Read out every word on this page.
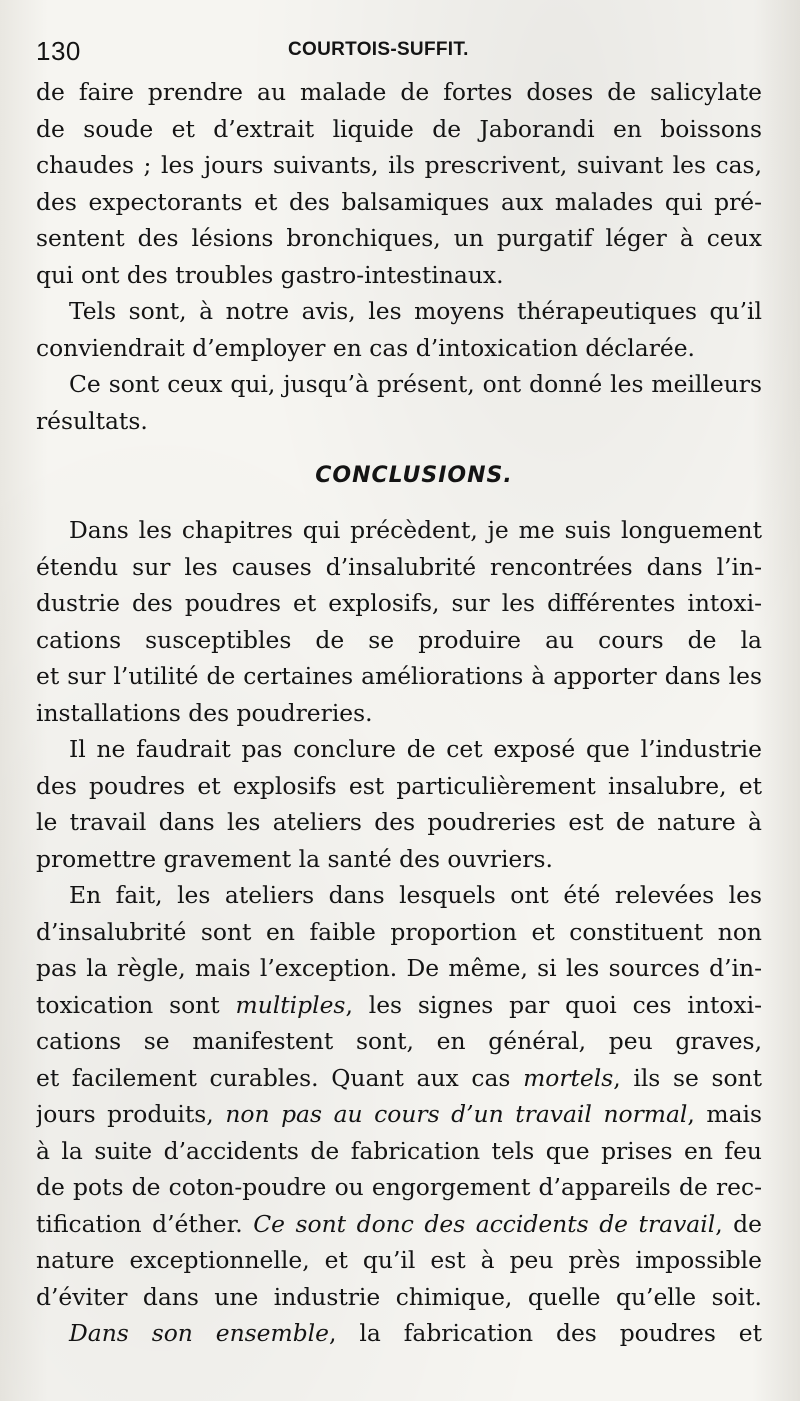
130	COURTOIS-SUFFIT.
de faire prendre au malade de fortes doses de salicylate
de soude et d’extrait liquide de Jaborandi en boissons
chaudes ; les jours suivants, ils prescrivent, suivant les cas,
des expectorants et des balsamiques aux malades qui pré-
sentent des lésions bronchiques, un purgatif léger à ceux
qui ont des troubles gastro-intestinaux.
Tels sont, à notre avis, les moyens thérapeutiques qu’il
conviendrait d’employer en cas d’intoxication déclarée.
Ce sont ceux qui, jusqu’à présent, ont donné les meilleurs
résultats.
CONCLUSIONS.
Dans les chapitres qui précèdent, je me suis longuement
étendu sur les causes d’insalubrité rencontrées dans l’in-
dustrie des poudres et explosifs, sur les différentes intoxi-
cations susceptibles de se produire au cours de la
et sur l’utilité de certaines améliorations à apporter dans les
installations des poudreries.
Il ne faudrait pas conclure de cet exposé que l’industrie
des poudres et explosifs est particulièrement insalubre, et
le travail dans les ateliers des poudreries est de nature à
promettre gravement la santé des ouvriers.
En fait, les ateliers dans lesquels ont été relevées les
d’insalubrité sont en faible proportion et constituent non
pas la règle, mais l’exception. De même, si les sources d’in-
toxication sont multiples, les signes par quoi ces intoxi-
cations se manifestent sont, en général, peu graves,
et facilement curables. Quant aux cas mortels, ils se sont
jours produits, non pas au cours d’un travail normal, mais
à la suite d’accidents de fabrication tels que prises en feu
de pots de coton-poudre ou engorgement d’appareils de rec-
tification d’éther. Ce sont donc des accidents de travail, de
nature exceptionnelle, et qu’il est à peu près impossible
d’éviter dans une industrie chimique, quelle qu’elle soit.
Dans son ensemble, la fabrication des poudres et
